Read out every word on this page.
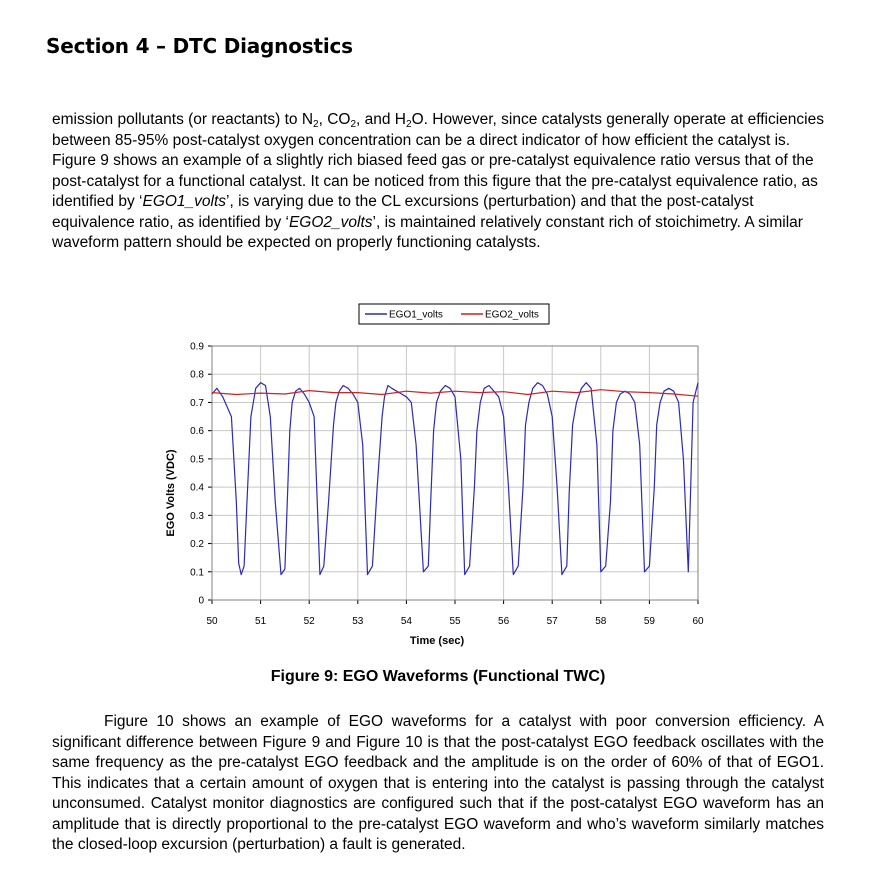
Section 4 – DTC Diagnostics

emission pollutants (or reactants) to $N_2$, $CO_2$, and $H_2O$. However, since catalysts generally operate at efficiencies between 85-95% post-catalyst oxygen concentration can be a direct indicator of how efficient the catalyst is. Figure 9 shows an example of a slightly rich biased feed gas or pre-catalyst equivalence ratio versus that of the post-catalyst for a functional catalyst. It can be noticed from this figure that the pre-catalyst equivalence ratio, as identified by ‘EGO1_volts’, is varying due to the CL excursions (perturbation) and that the post-catalyst equivalence ratio, as identified by ‘EGO2_volts’, is maintained relatively constant rich of stoichimetry. A similar waveform pattern should be expected on properly functioning catalysts.

0
0.1
0.2
0.3
0.4
0.5
0.6
0.7
0.8
0.9
50	51	52	53	54	55	56	57	58	59	60
Time (sec)
EGO Volts (VDC)
EGO1_volts	EGO2_volts

Figure 9: EGO Waveforms (Functional TWC)

Figure 10 shows an example of EGO waveforms for a catalyst with poor conversion efficiency. A significant difference between Figure 9 and Figure 10 is that the post-catalyst EGO feedback oscillates with the same frequency as the pre-catalyst EGO feedback and the amplitude is on the order of 60% of that of EGO1. This indicates that a certain amount of oxygen that is entering into the catalyst is passing through the catalyst unconsumed. Catalyst monitor diagnostics are configured such that if the post-catalyst EGO waveform has an amplitude that is directly proportional to the pre-catalyst EGO waveform and who’s waveform similarly matches the closed-loop excursion (perturbation) a fault is generated.
